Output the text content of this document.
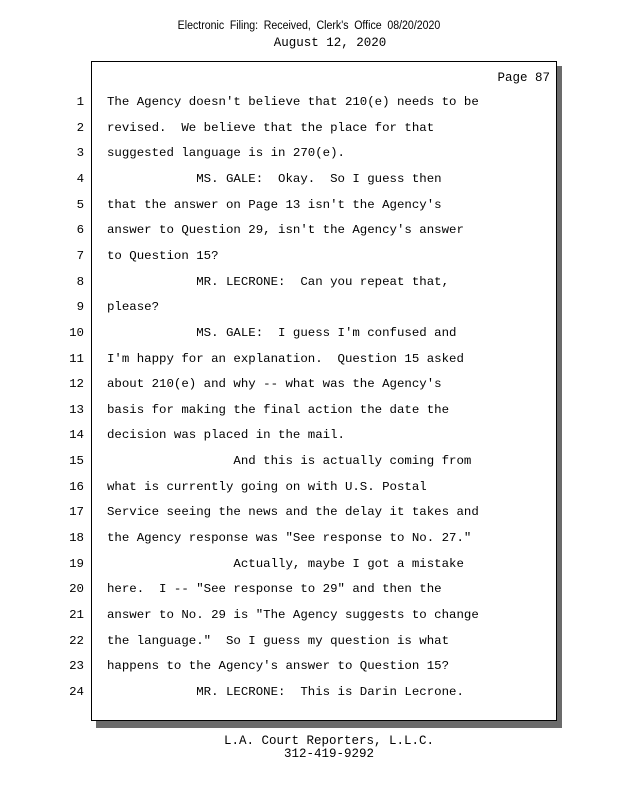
Electronic Filing: Received, Clerk's Office 08/20/2020
August 12, 2020
Page 87
1 The Agency doesn't believe that 210(e) needs to be
2 revised.  We believe that the place for that
3 suggested language is in 270(e).
4 MS. GALE:  Okay.  So I guess then
5 that the answer on Page 13 isn't the Agency's
6 answer to Question 29, isn't the Agency's answer
7 to Question 15?
8 MR. LECRONE:  Can you repeat that,
9 please?
10 MS. GALE:  I guess I'm confused and
11 I'm happy for an explanation.  Question 15 asked
12 about 210(e) and why -- what was the Agency's
13 basis for making the final action the date the
14 decision was placed in the mail.
15 And this is actually coming from
16 what is currently going on with U.S. Postal
17 Service seeing the news and the delay it takes and
18 the Agency response was "See response to No. 27."
19 Actually, maybe I got a mistake
20 here.  I -- "See response to 29" and then the
21 answer to No. 29 is "The Agency suggests to change
22 the language."  So I guess my question is what
23 happens to the Agency's answer to Question 15?
24 MR. LECRONE:  This is Darin Lecrone.
L.A. Court Reporters, L.L.C.
312-419-9292
